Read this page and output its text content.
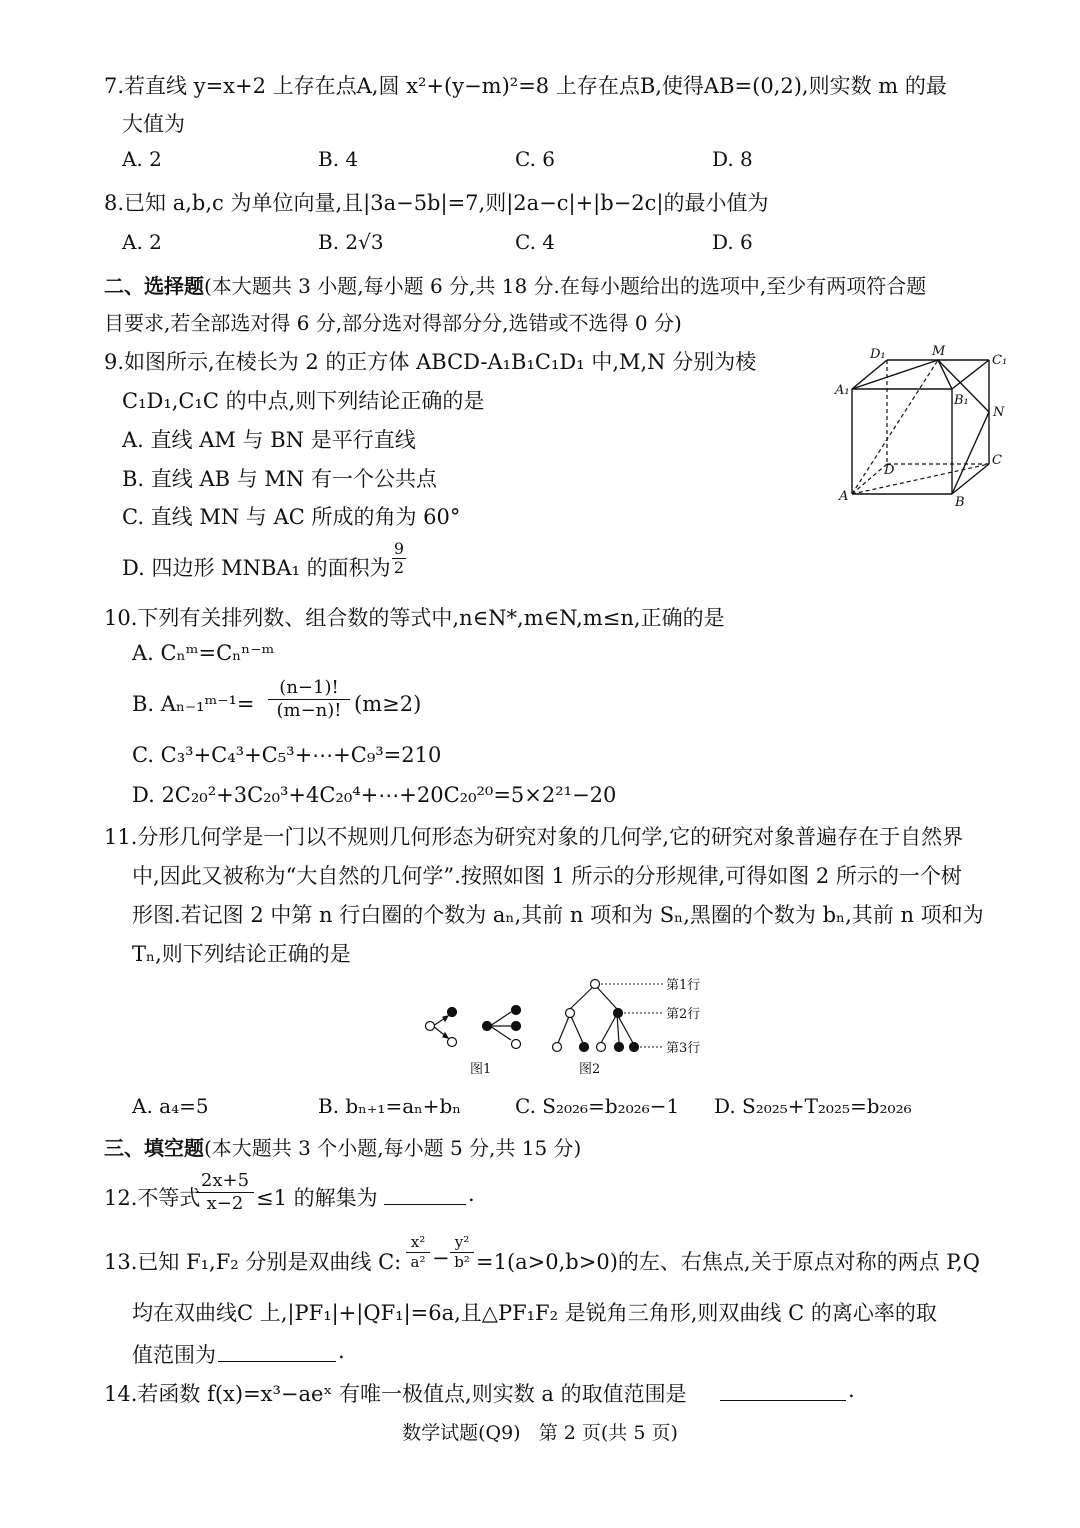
7.若直线 y=x+2 上存在点A,圆 x²+(y−m)²=8 上存在点B,使得AB=(0,2),则实数 m 的最
大值为
A. 2	B. 4	C. 6	D. 8
8.已知 a,b,c 为单位向量,且|3a−5b|=7,则|2a−c|+|b−2c|的最小值为
A. 2	B. 2√3	C. 4	D. 6
二、选择题(本大题共 3 小题,每小题 6 分,共 18 分.在每小题给出的选项中,至少有两项符合题
目要求,若全部选对得 6 分,部分选对得部分分,选错或不选得 0 分)
9.如图所示,在棱长为 2 的正方体 ABCD-A₁B₁C₁D₁ 中,M,N 分别为棱
C₁D₁,C₁C 的中点,则下列结论正确的是
A. 直线 AM 与 BN 是平行直线
B. 直线 AB 与 MN 有一个公共点
C. 直线 MN 与 AC 所成的角为 60°
D. 四边形 MNBA₁ 的面积为 $\frac{9}{2}$
D₁	M
C₁
A₁
B₁
N
D
C
A	B
10.下列有关排列数、组合数的等式中,n∈N*,m∈N,m≤n,正确的是
A. Cₙᵐ=Cₙⁿ⁻ᵐ
B. Aₙ₋₁ᵐ⁻¹= $\frac{(n-1)!}{(m-n)!} (m\ge 2)$
C. C₃³+C₄³+C₅³+⋯+C₉³=210
D. 2C₂₀²+3C₂₀³+4C₂₀⁴+⋯+20C₂₀²⁰=5×2²¹−20
11.分形几何学是一门以不规则几何形态为研究对象的几何学,它的研究对象普遍存在于自然界
中,因此又被称为“大自然的几何学”.按照如图 1 所示的分形规律,可得如图 2 所示的一个树
形图.若记图 2 中第 n 行白圈的个数为 aₙ,其前 n 项和为 Sₙ,黑圈的个数为 bₙ,其前 n 项和为
Tₙ,则下列结论正确的是
图1
第1行
第2行
第3行
图2
A. a₄=5	B. bₙ₊₁=aₙ+bₙ	C. S₂₀₂₆=b₂₀₂₆−1 D. S₂₀₂₅+T₂₀₂₅=b₂₀₂₆
三、填空题(本大题共 3 个小题,每小题 5 分,共 15 分)
12.不等式
$\frac{2x+5}{x-2} \le 1$ 的解集为	.
13.已知 F₁,F₂ 分别是双曲线 C: $\frac{\text{x²}}{\text{a²}} - \frac{\text{y²}}{\text{b²}} =1(a>0,b>0)$的左、右焦点,关于原点对称的两点 P,Q
均在双曲线C 上,|PF₁|+|QF₁|=6a,且△PF₁F₂ 是锐角三角形,则双曲线 C 的离心率的取
值范围为	.
14.若函数 f(x)=x³−aeˣ 有唯一极值点,则实数 a 的取值范围是	.
数学试题(Q9)   第 2 页(共 5 页)
